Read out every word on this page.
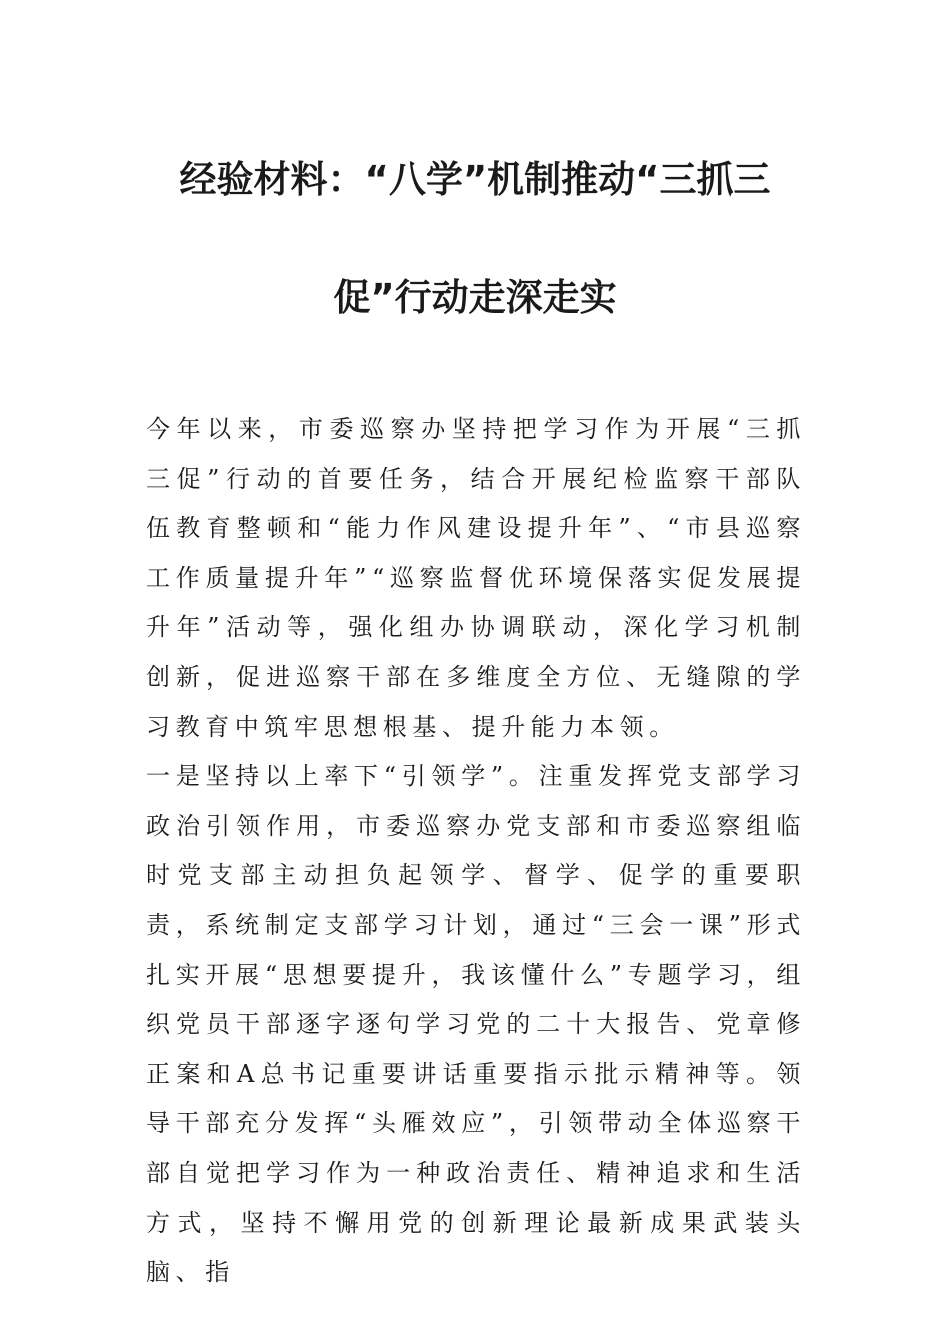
经验材料：“八学”机制推动“三抓三
促”行动走深走实

今年以来，市委巡察办坚持把学习作为开展“三抓三促”行动的首要任务，结合开展纪检监察干部队伍教育整顿和“能力作风建设提升年”、“市县巡察工作质量提升年”“巡察监督优环境保落实促发展提升年”活动等，强化组办协调联动，深化学习机制创新，促进巡察干部在多维度全方位、无缝隙的学习教育中筑牢思想根基、提升能力本领。

一是坚持以上率下“引领学”。注重发挥党支部学习政治引领作用，市委巡察办党支部和市委巡察组临时党支部主动担负起领学、督学、促学的重要职责，系统制定支部学习计划，通过“三会一课”形式扎实开展“思想要提升，我该懂什么”专题学习，组织党员干部逐字逐句学习党的二十大报告、党章修正案和A总书记重要讲话重要指示批示精神等。领导干部充分发挥“头雁效应”，引领带动全体巡察干部自觉把学习作为一种政治责任、精神追求和生活方式，坚持不懈用党的创新理论最新成果武装头脑、指
